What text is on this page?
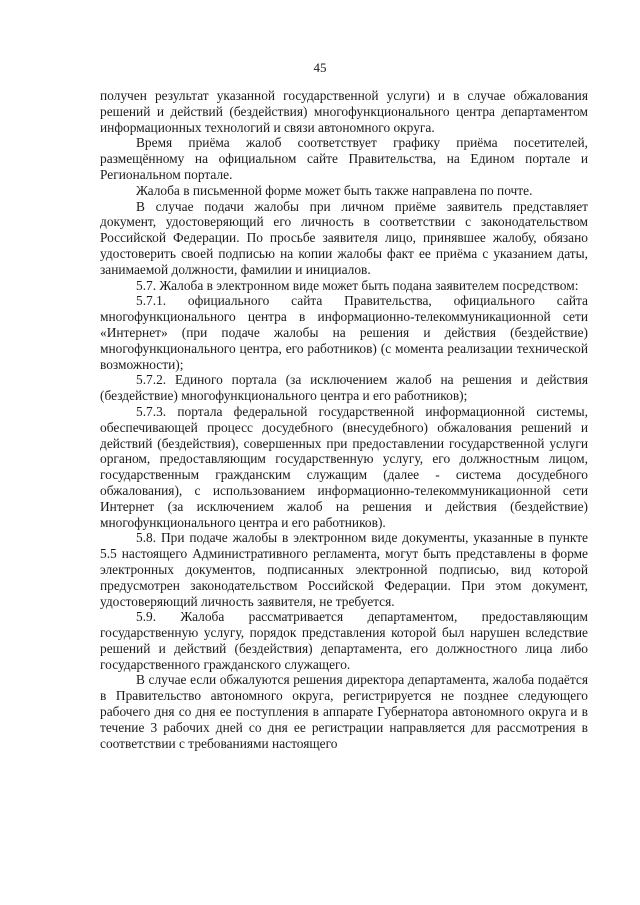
45

получен результат указанной государственной услуги) и в случае обжалования решений и действий (бездействия) многофункционального центра департаментом информационных технологий и связи автономного округа.

Время приёма жалоб соответствует графику приёма посетителей, размещённому на официальном сайте Правительства, на Едином портале и Региональном портале.

Жалоба в письменной форме может быть также направлена по почте.

В случае подачи жалобы при личном приёме заявитель представляет документ, удостоверяющий его личность в соответствии с законодательством Российской Федерации. По просьбе заявителя лицо, принявшее жалобу, обязано удостоверить своей подписью на копии жалобы факт ее приёма с указанием даты, занимаемой должности, фамилии и инициалов.

5.7. Жалоба в электронном виде может быть подана заявителем посредством:

5.7.1. официального сайта Правительства, официального сайта многофункционального центра в информационно-телекоммуникационной сети «Интернет» (при подаче жалобы на решения и действия (бездействие) многофункционального центра, его работников) (с момента реализации технической возможности);

5.7.2. Единого портала (за исключением жалоб на решения и действия (бездействие) многофункционального центра и его работников);

5.7.3. портала федеральной государственной информационной системы, обеспечивающей процесс досудебного (внесудебного) обжалования решений и действий (бездействия), совершенных при предоставлении государственной услуги органом, предоставляющим государственную услугу, его должностным лицом, государственным гражданским служащим (далее - система досудебного обжалования), с использованием информационно-телекоммуникационной сети Интернет (за исключением жалоб на решения и действия (бездействие) многофункционального центра и его работников).

5.8. При подаче жалобы в электронном виде документы, указанные в пункте 5.5 настоящего Административного регламента, могут быть представлены в форме электронных документов, подписанных электронной подписью, вид которой предусмотрен законодательством Российской Федерации. При этом документ, удостоверяющий личность заявителя, не требуется.

5.9. Жалоба рассматривается департаментом, предоставляющим государственную услугу, порядок представления которой был нарушен вследствие решений и действий (бездействия) департамента, его должностного лица либо государственного гражданского служащего.

В случае если обжалуются решения директора департамента, жалоба подаётся в Правительство автономного округа, регистрируется не позднее следующего рабочего дня со дня ее поступления в аппарате Губернатора автономного округа и в течение 3 рабочих дней со дня ее регистрации направляется для рассмотрения в соответствии с требованиями настоящего
